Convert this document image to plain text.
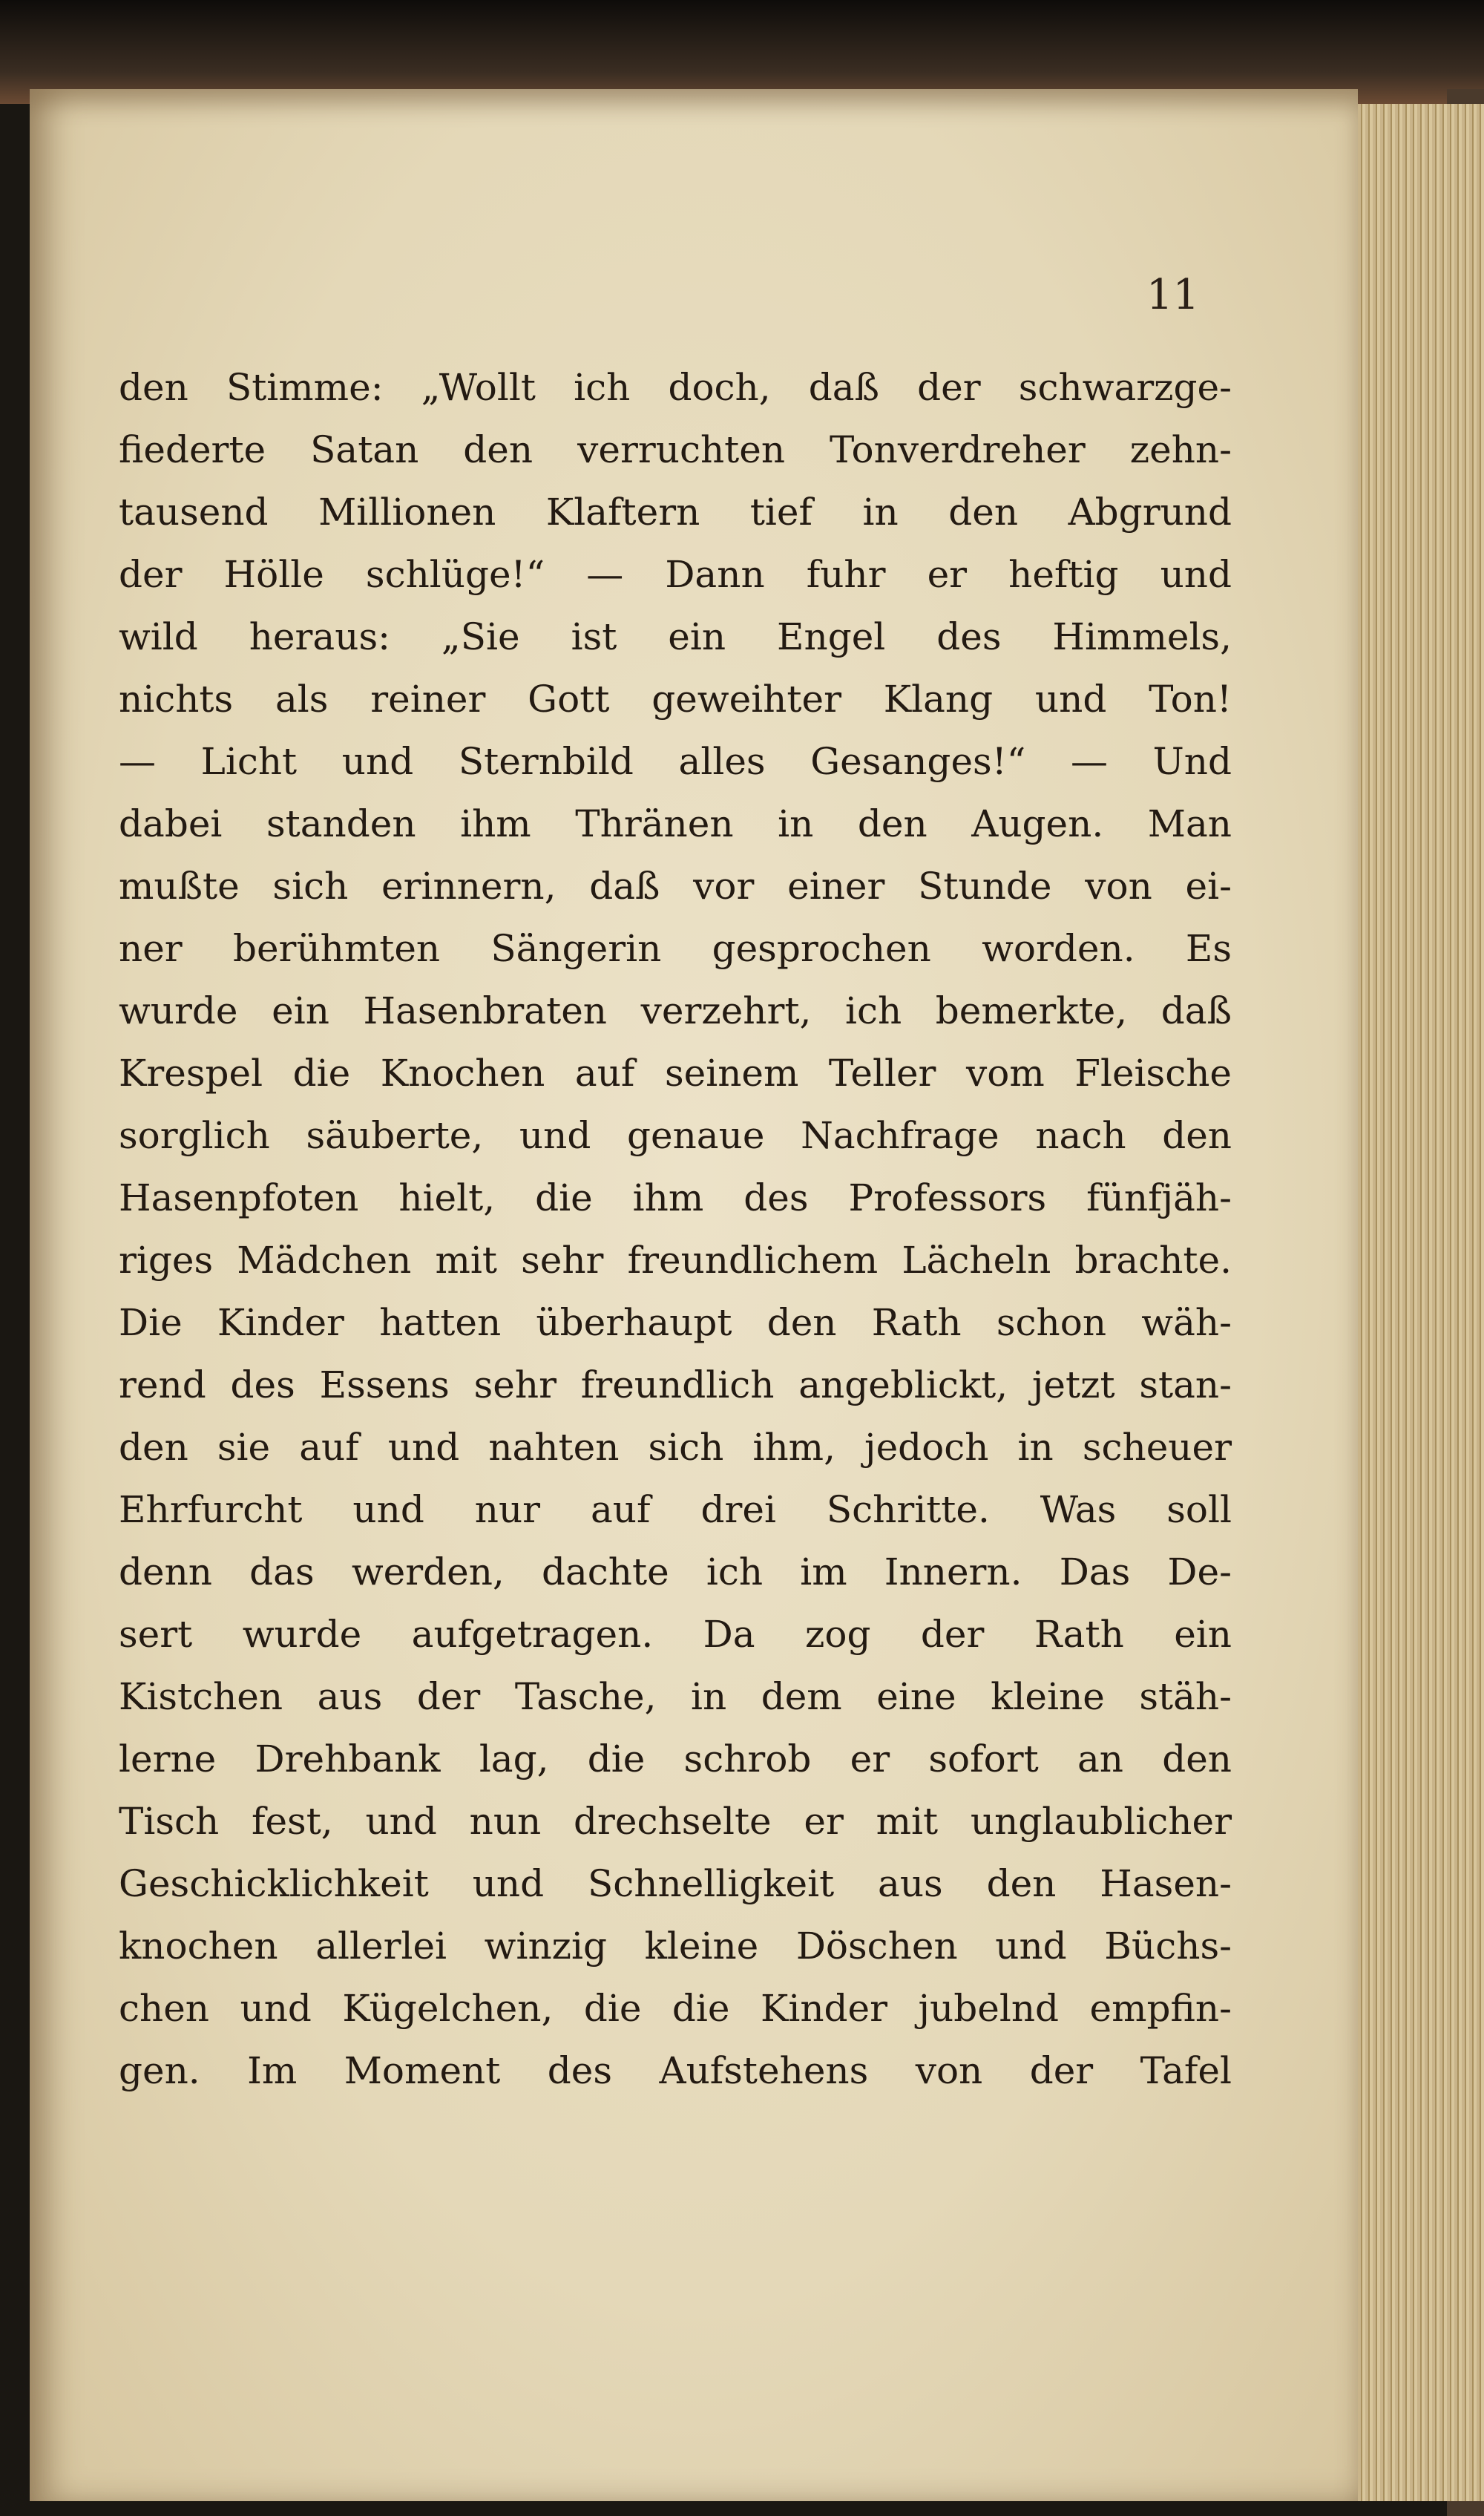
11
den Stimme: „Wollt ich doch, daß der schwarzge-
fiederte Satan den verruchten Tonverdreher zehn-
tausend Millionen Klaftern tief in den Abgrund
der Hölle schlüge!“ — Dann fuhr er heftig und
wild heraus: „Sie ist ein Engel des Himmels,
nichts als reiner Gott geweihter Klang und Ton!
— Licht und Sternbild alles Gesanges!“ — Und
dabei standen ihm Thränen in den Augen. Man
mußte sich erinnern, daß vor einer Stunde von ei-
ner berühmten Sängerin gesprochen worden. Es
wurde ein Hasenbraten verzehrt, ich bemerkte, daß
Krespel die Knochen auf seinem Teller vom Fleische
sorglich säuberte, und genaue Nachfrage nach den
Hasenpfoten hielt, die ihm des Professors fünfjäh-
riges Mädchen mit sehr freundlichem Lächeln brachte.
Die Kinder hatten überhaupt den Rath schon wäh-
rend des Essens sehr freundlich angeblickt, jetzt stan-
den sie auf und nahten sich ihm, jedoch in scheuer
Ehrfurcht und nur auf drei Schritte. Was soll
denn das werden, dachte ich im Innern. Das De-
sert wurde aufgetragen. Da zog der Rath ein
Kistchen aus der Tasche, in dem eine kleine stäh-
lerne Drehbank lag, die schrob er sofort an den
Tisch fest, und nun drechselte er mit unglaublicher
Geschicklichkeit und Schnelligkeit aus den Hasen-
knochen allerlei winzig kleine Döschen und Büchs-
chen und Kügelchen, die die Kinder jubelnd empfin-
gen. Im Moment des Aufstehens von der Tafel
